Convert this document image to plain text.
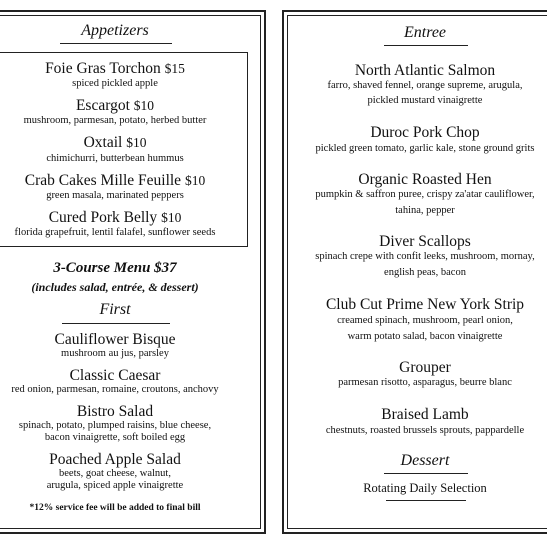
Appetizers
Foie Gras Torchon $15
spiced pickled apple
Escargot $10
mushroom, parmesan, potato, herbed butter
Oxtail $10
chimichurri, butterbean hummus
Crab Cakes Mille Feuille $10
green masala, marinated peppers
Cured Pork Belly $10
florida grapefruit, lentil falafel, sunflower seeds
3-Course Menu $37
(includes salad, entrée, & dessert)
First
Cauliflower Bisque
mushroom au jus, parsley
Classic Caesar
red onion, parmesan, romaine, croutons, anchovy
Bistro Salad
spinach, potato, plumped raisins, blue cheese,
bacon vinaigrette, soft boiled egg
Poached Apple Salad
beets, goat cheese, walnut,
arugula, spiced apple vinaigrette
*12% service fee will be added to final bill
Entree
North Atlantic Salmon
farro, shaved fennel, orange supreme, arugula,
pickled mustard vinaigrette
Duroc Pork Chop
pickled green tomato, garlic kale, stone ground grits
Organic Roasted Hen
pumpkin & saffron puree, crispy za'atar cauliflower,
tahina, pepper
Diver Scallops
spinach crepe with confit leeks, mushroom, mornay,
english peas, bacon
Club Cut Prime New York Strip
creamed spinach, mushroom, pearl onion,
warm potato salad, bacon vinaigrette
Grouper
parmesan risotto, asparagus, beurre blanc
Braised Lamb
chestnuts, roasted brussels sprouts, pappardelle
Dessert
Rotating Daily Selection
